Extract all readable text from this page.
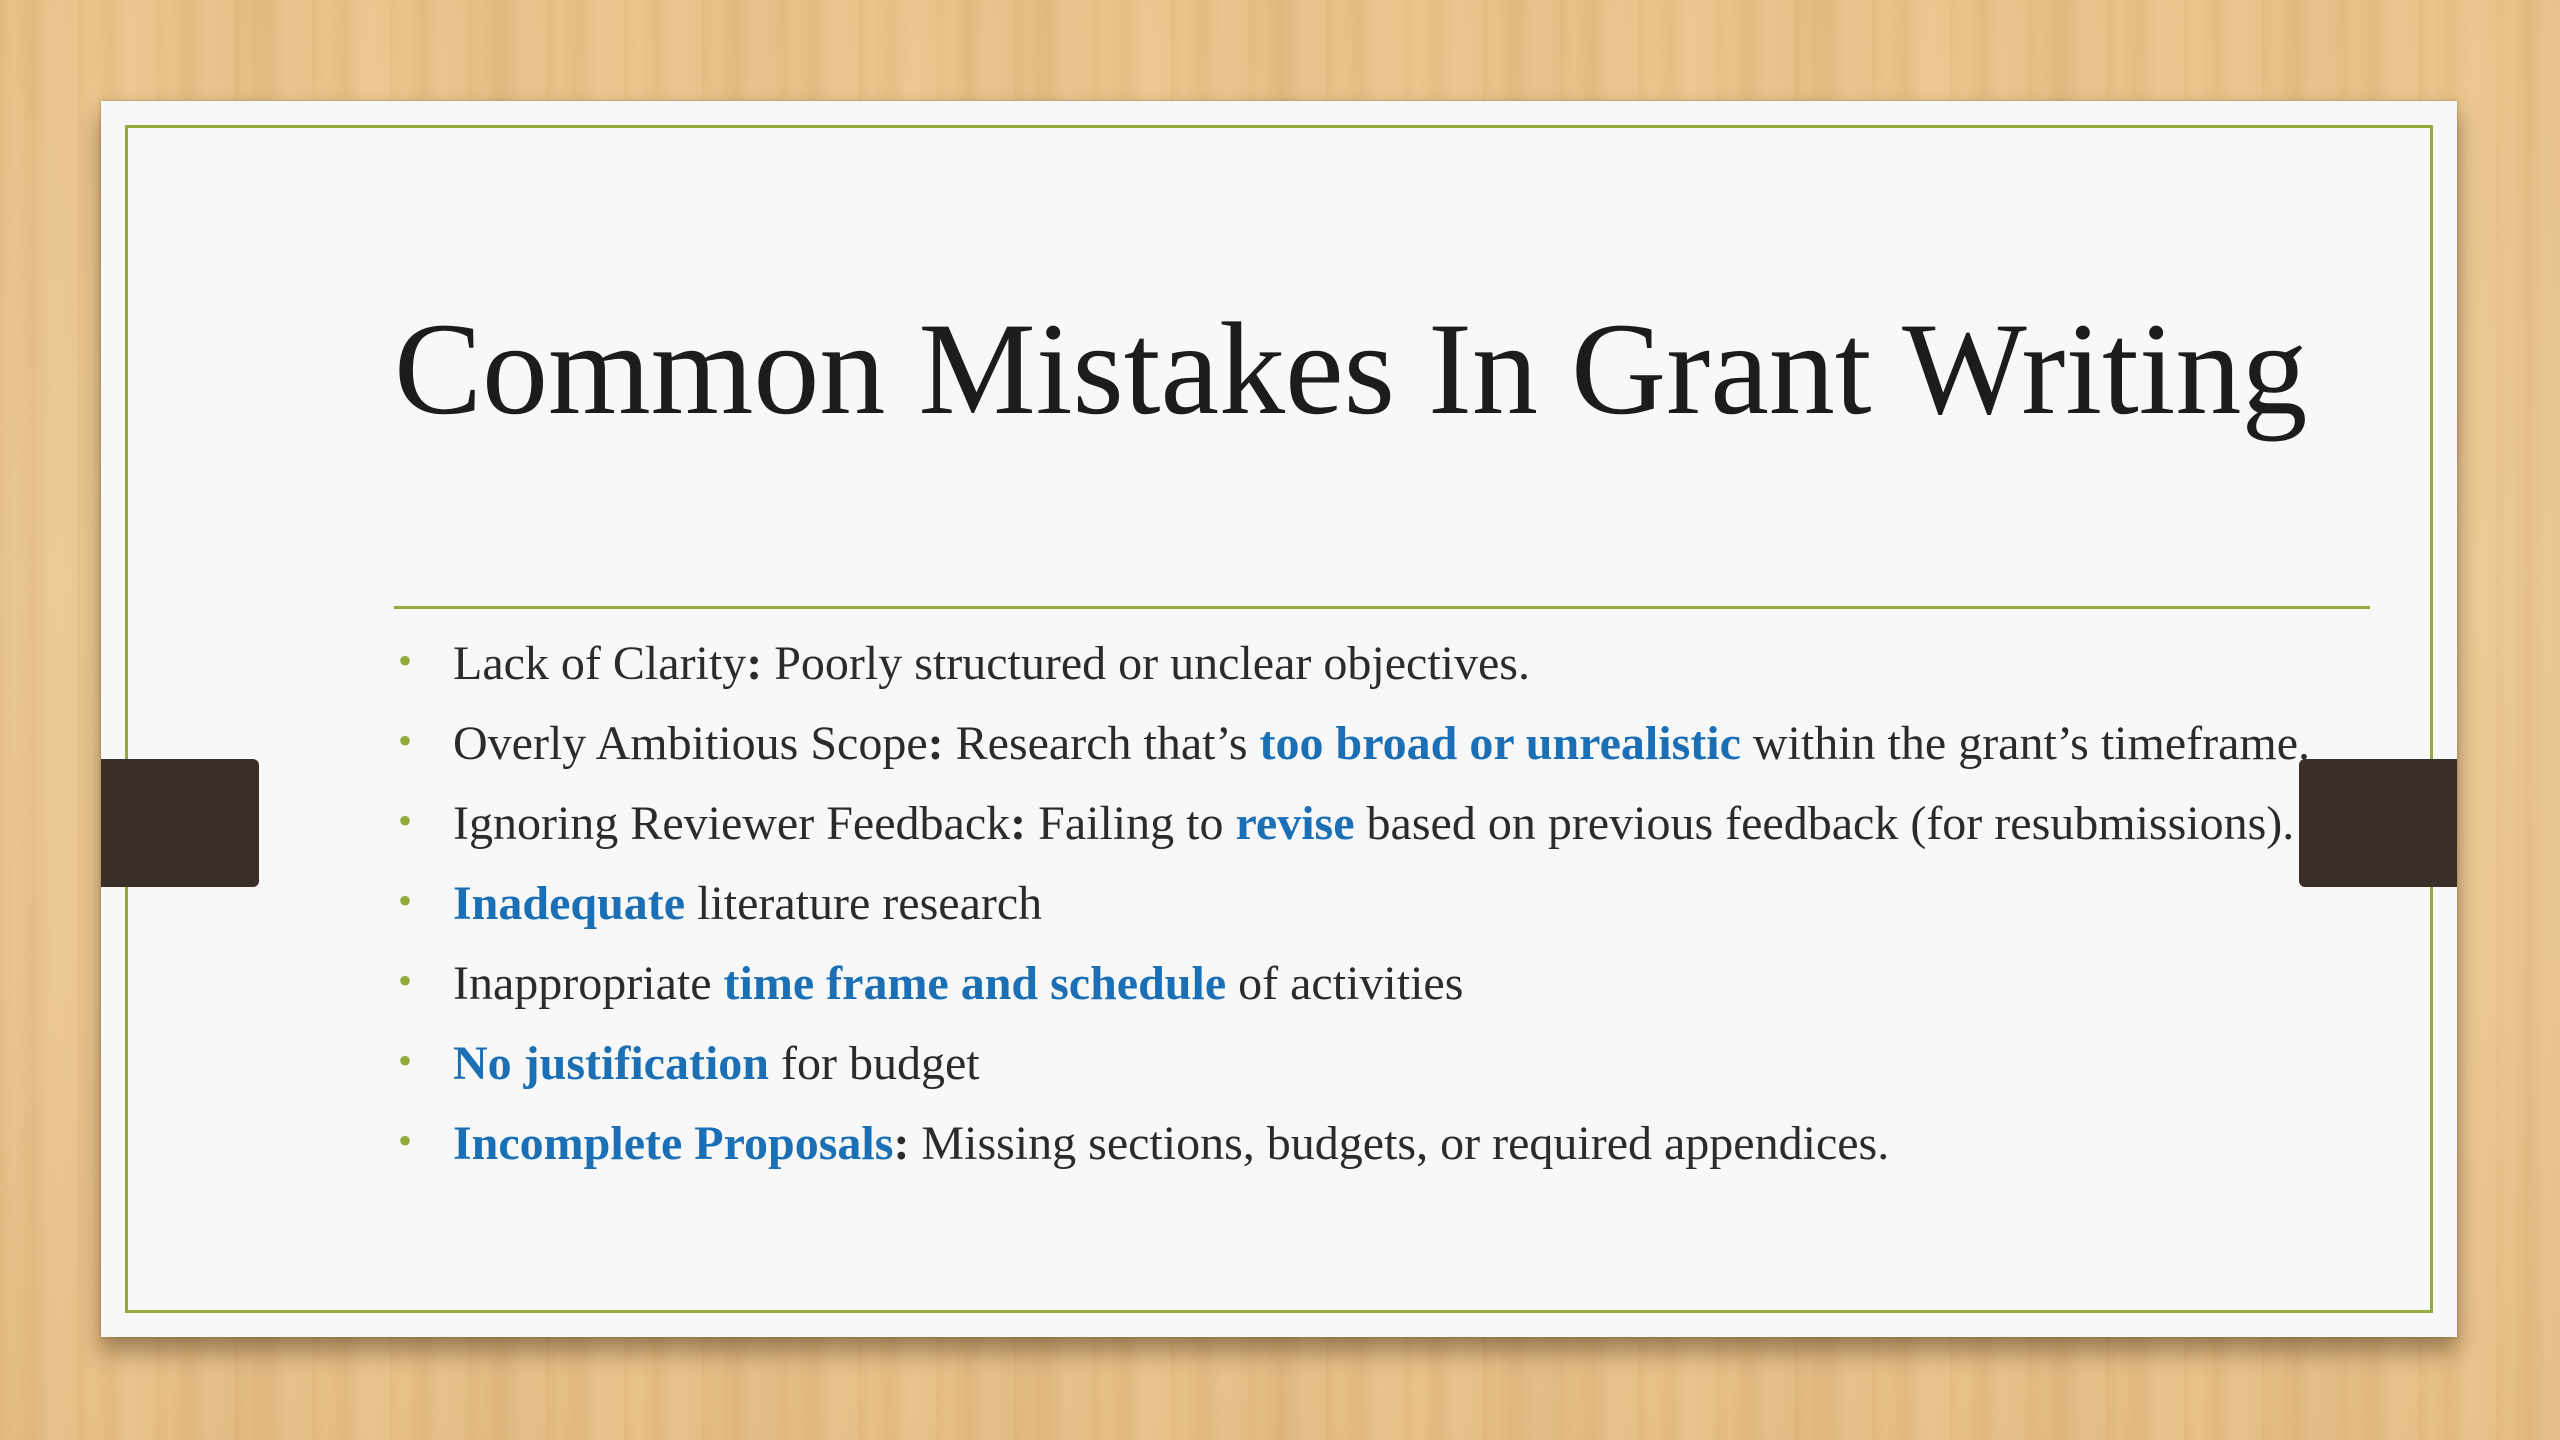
Common Mistakes In Grant Writing
• Lack of Clarity: Poorly structured or unclear objectives.
• Overly Ambitious Scope: Research that’s too broad or unrealistic within the grant’s timeframe.
• Ignoring Reviewer Feedback: Failing to revise based on previous feedback (for resubmissions).
• Inadequate literature research
• Inappropriate time frame and schedule of activities
• No justification for budget
• Incomplete Proposals: Missing sections, budgets, or required appendices.
